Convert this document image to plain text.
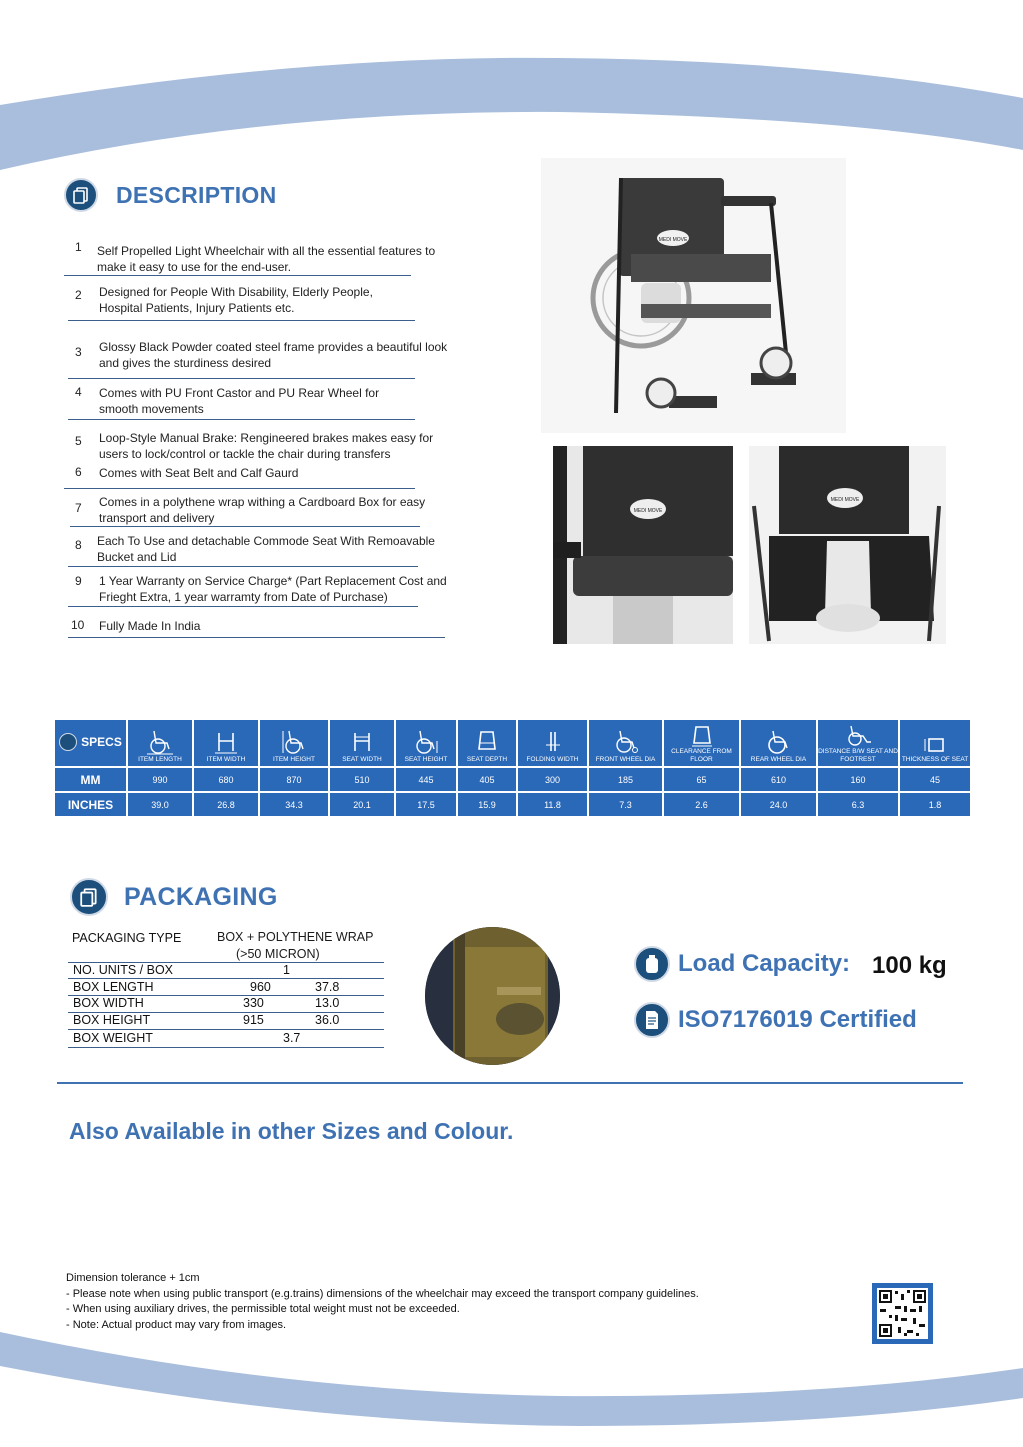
DESCRIPTION
1 Self Propelled Light Wheelchair with all the essential features to make it easy to use for the end-user.
2 Designed for People With Disability, Elderly People, Hospital Patients, Injury Patients etc.
3 Glossy Black Powder coated steel frame provides a beautiful look and gives the sturdiness desired
4 Comes with PU Front Castor and PU Rear Wheel for smooth movements
5 Loop-Style Manual Brake: Rengineered brakes makes easy for users to lock/control or tackle the chair during transfers
6 Comes with Seat Belt and Calf Gaurd
7 Comes in a polythene wrap withing a Cardboard Box for easy transport and delivery
8 Each To Use and detachable Commode Seat With Remoavable Bucket and Lid
9 1 Year Warranty on Service Charge* (Part Replacement Cost and Frieght Extra, 1 year warramty from Date of Purchase)
10 Fully Made In India
MEDI MOVE
MEDI MOVE
MEDI MOVE
SPECS	ITEM LENGTH	ITEM WIDTH	ITEM HEIGHT	SEAT WIDTH	SEAT HEIGHT	SEAT DEPTH	FOLDING WIDTH	FRONT WHEEL DIA	CLEARANCE FROM FLOOR	REAR WHEEL DIA	DISTANCE B/W SEAT AND FOOTREST	THICKNESS OF SEAT

MM	990	680	870	510	445	405	300	185	65	610	160	45
INCHES	39.0	26.8	34.3	20.1	17.5	15.9	11.8	7.3	2.6	24.0	6.3	1.8
PACKAGING
PACKAGING TYPE	BOX + POLYTHENE WRAP
(>50 MICRON)
NO. UNITS / BOX	1
BOX LENGTH	960	37.8
BOX WIDTH	330	13.0
BOX HEIGHT	915	36.0
BOX WEIGHT	3.7
Load Capacity: 100 kg
ISO7176019 Certified
Also Available in other Sizes and Colour.
Dimension tolerance + 1cm
- Please note when using public transport (e.g.trains) dimensions of the wheelchair may exceed the transport company guidelines.
- When using auxiliary drives, the permissible total weight must not be exceeded.
- Note: Actual product may vary from images.
